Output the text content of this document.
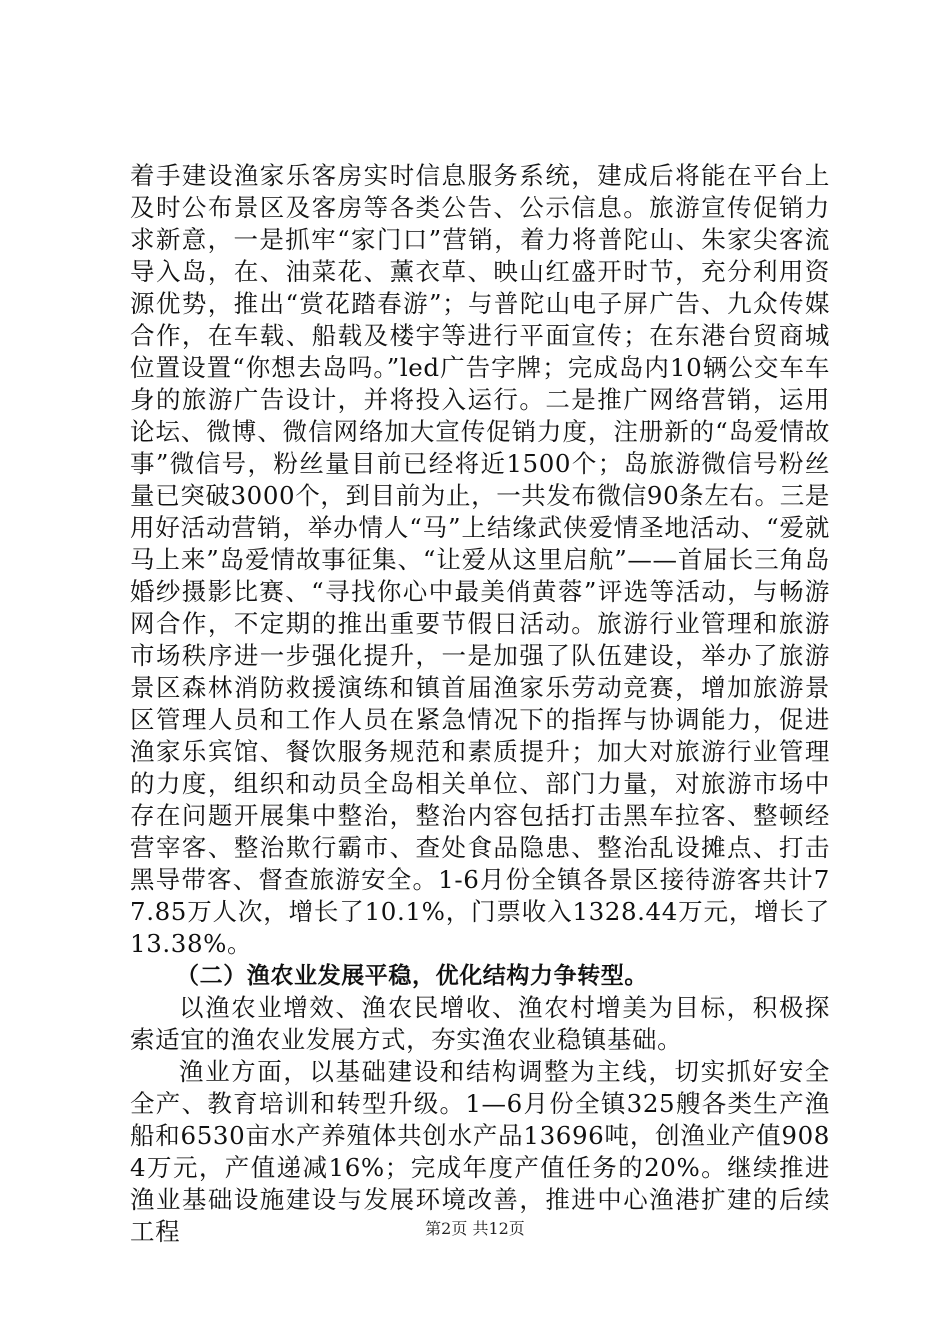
着手建设渔家乐客房实时信息服务系统，建成后将能在平台上及时公布景区及客房等各类公告、公示信息。旅游宣传促销力求新意，一是抓牢“家门口”营销，着力将普陀山、朱家尖客流导入岛，在、油菜花、薰衣草、映山红盛开时节，充分利用资源优势，推出“赏花踏春游”；与普陀山电子屏广告、九众传媒合作，在车载、船载及楼宇等进行平面宣传；在东港台贸商城位置设置“你想去岛吗。”led广告字牌；完成岛内10辆公交车车身的旅游广告设计，并将投入运行。二是推广网络营销，运用论坛、微博、微信网络加大宣传促销力度，注册新的“岛爱情故事”微信号，粉丝量目前已经将近1500个；岛旅游微信号粉丝量已突破3000个，到目前为止，一共发布微信90条左右。三是用好活动营销，举办情人“马”上结缘武侠爱情圣地活动、“爱就马上来”岛爱情故事征集、“让爱从这里启航”——首届长三角岛婚纱摄影比赛、“寻找你心中最美俏黄蓉”评选等活动，与畅游网合作，不定期的推出重要节假日活动。旅游行业管理和旅游市场秩序进一步强化提升，一是加强了队伍建设，举办了旅游景区森林消防救援演练和镇首届渔家乐劳动竞赛，增加旅游景区管理人员和工作人员在紧急情况下的指挥与协调能力，促进渔家乐宾馆、餐饮服务规范和素质提升；加大对旅游行业管理的力度，组织和动员全岛相关单位、部门力量，对旅游市场中存在问题开展集中整治，整治内容包括打击黑车拉客、整顿经营宰客、整治欺行霸市、查处食品隐患、整治乱设摊点、打击黑导带客、督查旅游安全。1-6月份全镇各景区接待游客共计77.85万人次，增长了10.1%，门票收入1328.44万元，增长了13.38%。

（二）渔农业发展平稳，优化结构力争转型。

以渔农业增效、渔农民增收、渔农村增美为目标，积极探索适宜的渔农业发展方式，夯实渔农业稳镇基础。

渔业方面，以基础建设和结构调整为主线，切实抓好安全全产、教育培训和转型升级。1—6月份全镇325艘各类生产渔船和6530亩水产养殖体共创水产品13696吨，创渔业产值9084万元，产值递减16%；完成年度产值任务的20%。继续推进渔业基础设施建设与发展环境改善，推进中心渔港扩建的后续工程	第2页 共12页
